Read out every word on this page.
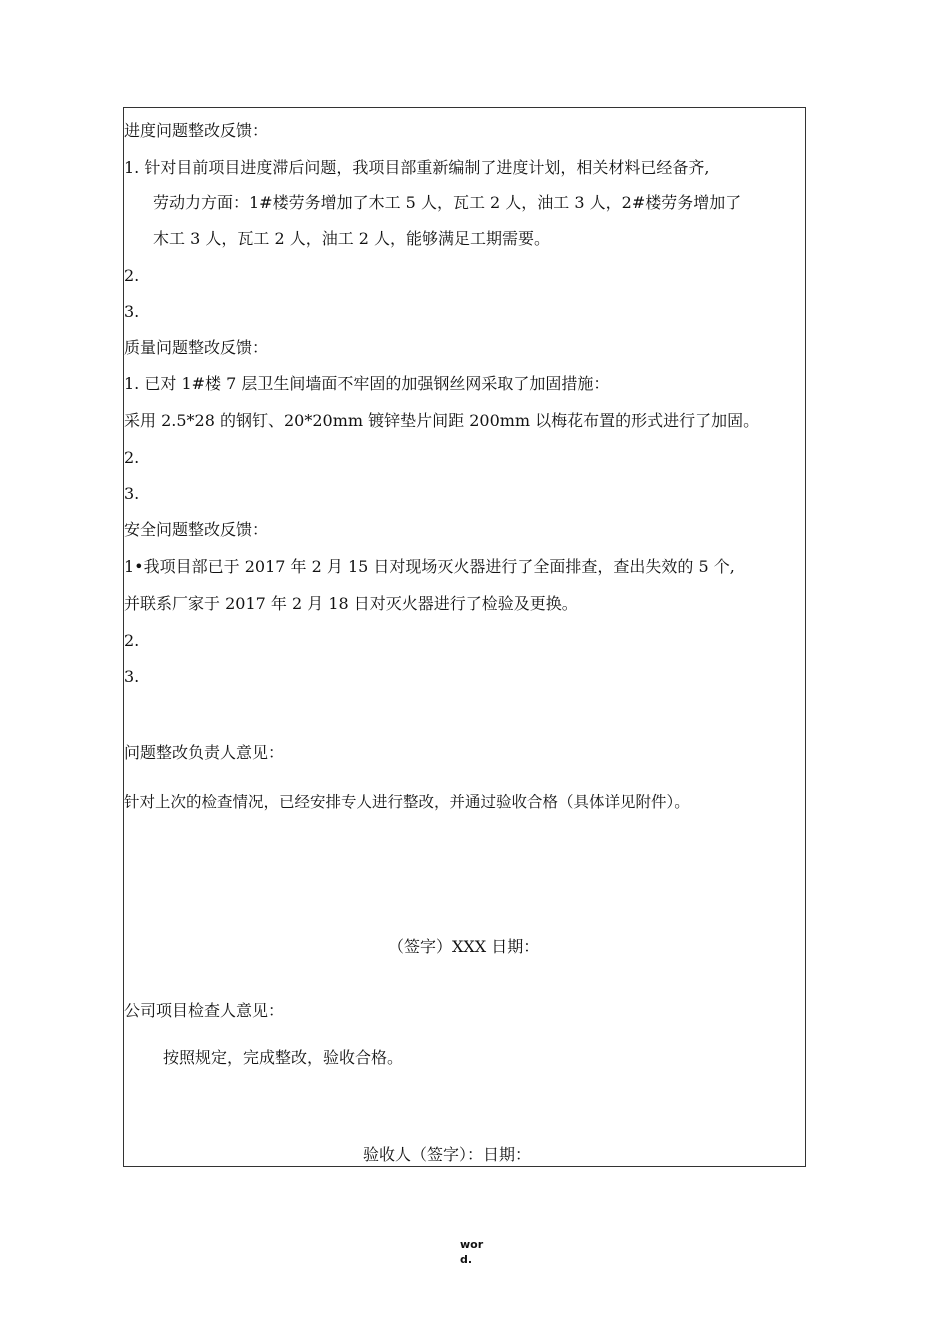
进度问题整改反馈：
1. 针对目前项目进度滞后问题，我项目部重新编制了进度计划，相关材料已经备齐,
劳动力方面：1#楼劳务增加了木工 5 人，瓦工 2 人，油工 3 人，2#楼劳务增加了
木工 3 人，瓦工 2 人，油工 2 人，能够满足工期需要。
2.
3.
质量问题整改反馈：
1. 已对 1#楼 7 层卫生间墙面不牢固的加强钢丝网采取了加固措施：
采用 2.5*28 的钢钉、20*20mm 镀锌垫片间距 200mm 以梅花布置的形式进行了加固。
2.
3.
安全问题整改反馈：
1•我项目部已于 2017 年 2 月 15 日对现场灭火器进行了全面排查，查出失效的 5 个,
并联系厂家于 2017 年 2 月 18 日对灭火器进行了检验及更换。
2.
3.
问题整改负责人意见：
针对上次的检查情况，已经安排专人进行整改，并通过验收合格（具体详见附件）。
（签字）XXX 日期：
公司项目检查人意见：
按照规定，完成整改，验收合格。
验收人（签字）：日期：
wor
d.
